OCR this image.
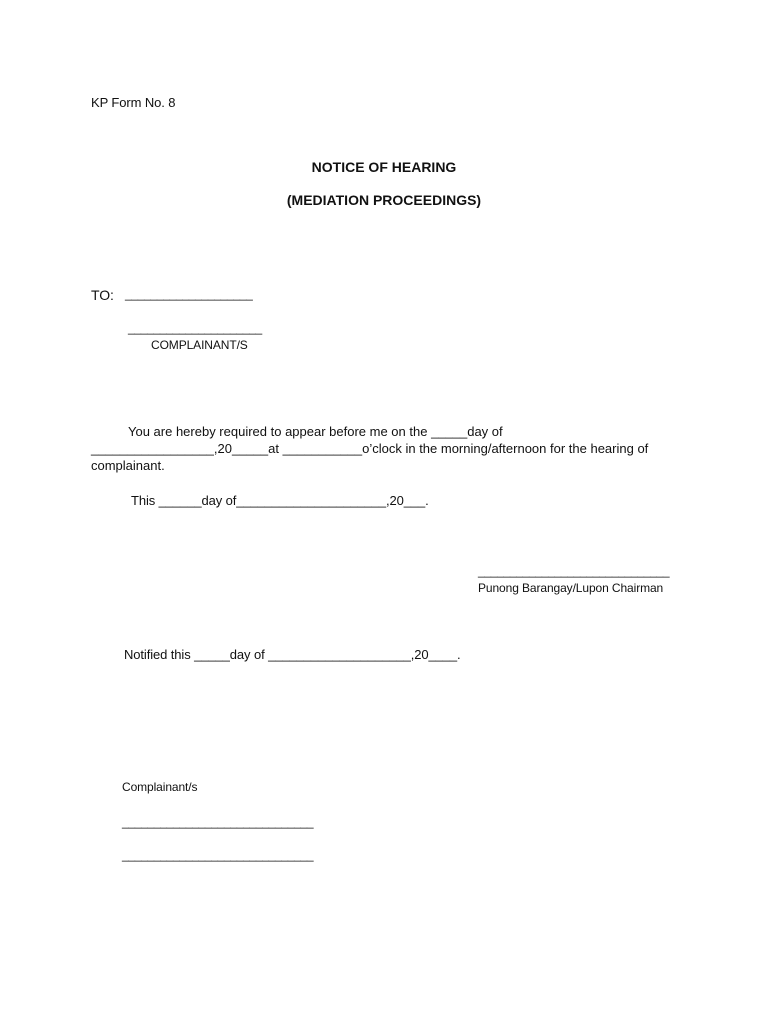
KP Form No. 8
NOTICE OF HEARING
(MEDIATION PROCEEDINGS)
TO: ____________________
_____________________
COMPLAINANT/S
You are hereby required to appear before me on the _____day of _________________,20_____at ___________o’clock in the morning/afternoon for the hearing of complainant.
This ______day of_____________________,20___.
______________________________
Punong Barangay/Lupon Chairman
Notified this _____day of ____________________,20____.
Complainant/s
______________________________
______________________________
